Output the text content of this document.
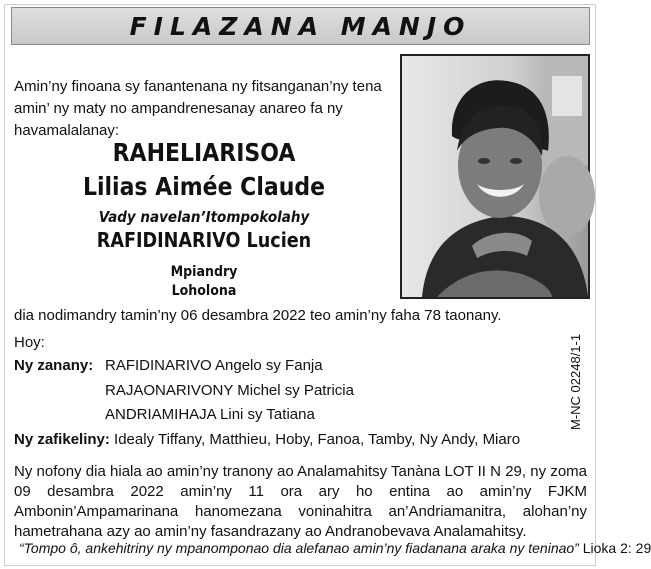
FILAZANA MANJO
Amin’ny finoana sy fanantenana ny fitsanganan’ny tena amin’ ny maty no ampandrenesanay anareo fa ny havamalalanay:
RAHELIARISOA
Lilias Aimée Claude
Vady navelan’Itompokolahy
RAFIDINARIVO Lucien
Mpiandry
Loholona
dia nodimandry tamin’ny 06 desambra 2022 teo amin’ny faha 78 taonany.
Hoy:
Ny zanany: RAFIDINARIVO Angelo sy Fanja
RAJAONARIVONY Michel sy Patricia
ANDRIAMIHAJA Lini sy Tatiana
Ny zafikeliny: Idealy Tiffany, Matthieu, Hoby, Fanoa, Tamby, Ny Andy, Miaro
M-NC 02248/1-1
Ny nofony dia hiala ao amin’ny tranony ao Analamahitsy Tanàna LOT II N 29, ny zoma 09 desambra 2022 amin’ny 11 ora ary ho entina ao amin’ny FJKM Ambonin’Ampamarinana hanomezana voninahitra an’Andriamanitra, alohan’ny hametrahana azy ao amin’ny fasandrazany ao Andranobevava Analamahitsy.
“Tompo ô, ankehitriny ny mpanomponao dia alefanao amin’ny fiadanana araka ny teninao” Lioka 2: 29
